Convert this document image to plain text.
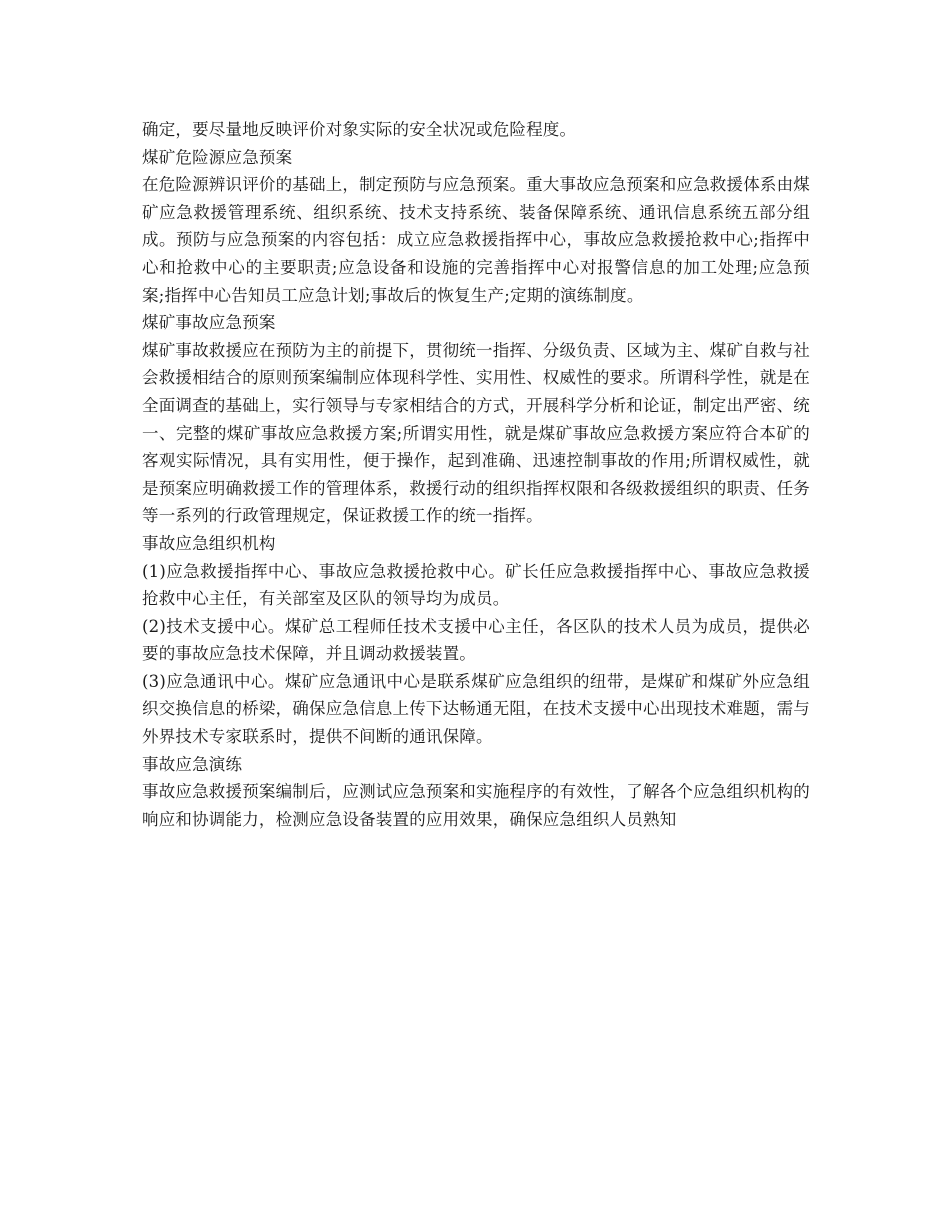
确定，要尽量地反映评价对象实际的安全状况或危险程度。

煤矿危险源应急预案

在危险源辨识评价的基础上，制定预防与应急预案。重大事故应急预案和应急救援体系由煤矿应急救援管理系统、组织系统、技术支持系统、装备保障系统、通讯信息系统五部分组成。预防与应急预案的内容包括：成立应急救援指挥中心，事故应急救援抢救中心;指挥中心和抢救中心的主要职责;应急设备和设施的完善指挥中心对报警信息的加工处理;应急预案;指挥中心告知员工应急计划;事故后的恢复生产;定期的演练制度。

煤矿事故应急预案

煤矿事故救援应在预防为主的前提下，贯彻统一指挥、分级负责、区域为主、煤矿自救与社会救援相结合的原则预案编制应体现科学性、实用性、权威性的要求。所谓科学性，就是在全面调查的基础上，实行领导与专家相结合的方式，开展科学分析和论证，制定出严密、统一、完整的煤矿事故应急救援方案;所谓实用性，就是煤矿事故应急救援方案应符合本矿的客观实际情况，具有实用性，便于操作，起到准确、迅速控制事故的作用;所谓权威性，就是预案应明确救援工作的管理体系，救援行动的组织指挥权限和各级救援组织的职责、任务等一系列的行政管理规定，保证救援工作的统一指挥。

事故应急组织机构

(1)应急救援指挥中心、事故应急救援抢救中心。矿长任应急救援指挥中心、事故应急救援抢救中心主任，有关部室及区队的领导均为成员。

(2)技术支援中心。煤矿总工程师任技术支援中心主任，各区队的技术人员为成员，提供必要的事故应急技术保障，并且调动救援装置。

(3)应急通讯中心。煤矿应急通讯中心是联系煤矿应急组织的纽带，是煤矿和煤矿外应急组织交换信息的桥梁，确保应急信息上传下达畅通无阻，在技术支援中心出现技术难题，需与外界技术专家联系时，提供不间断的通讯保障。

事故应急演练

事故应急救援预案编制后，应测试应急预案和实施程序的有效性，了解各个应急组织机构的响应和协调能力，检测应急设备装置的应用效果，确保应急组织人员熟知
